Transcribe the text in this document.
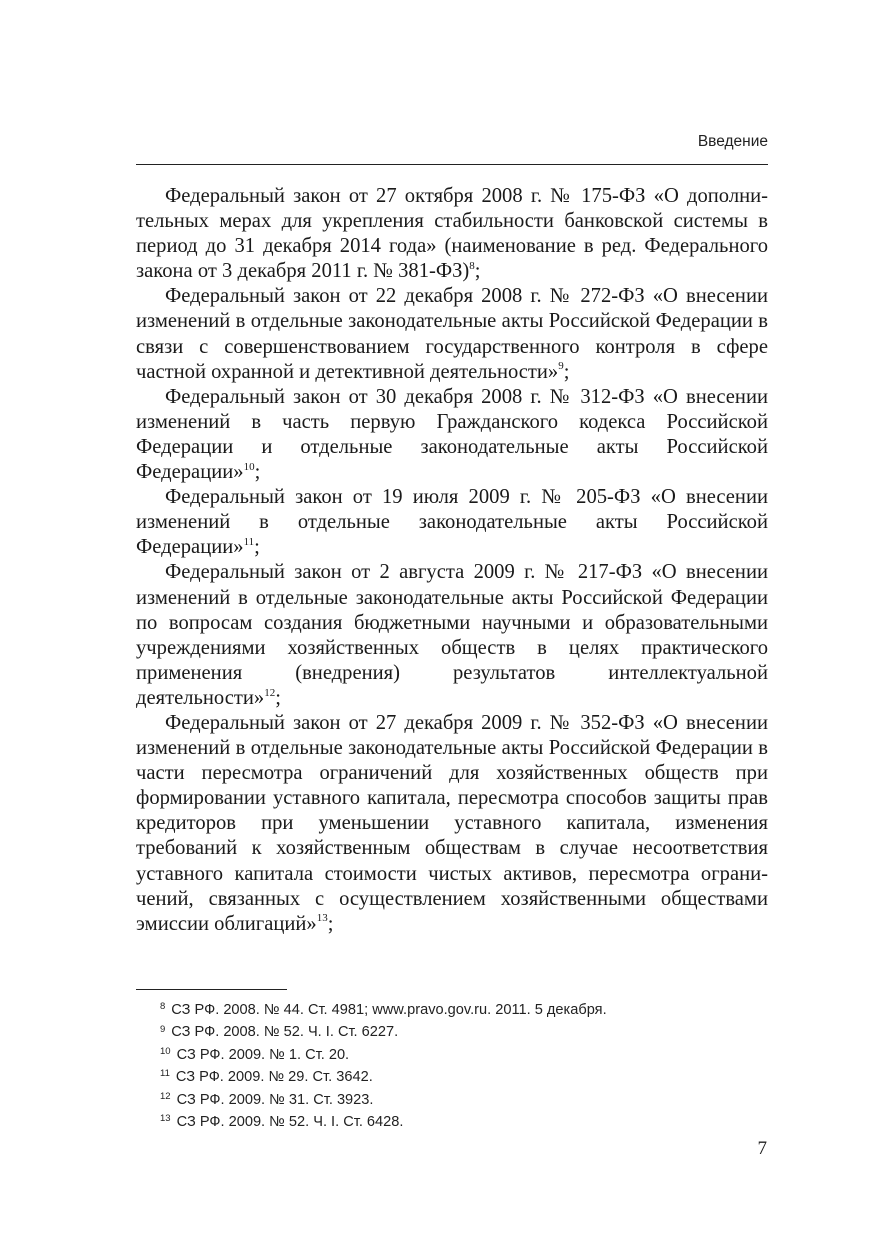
Введение

Федеральный закон от 27 октября 2008 г. № 175-ФЗ «О дополнительных мерах для укрепления стабильности банковской системы в период до 31 декабря 2014 года» (наименование в ред. Федерального закона от 3 декабря 2011 г. № 381-ФЗ)$^8$;

Федеральный закон от 22 декабря 2008 г. № 272-ФЗ «О внесении изменений в отдельные законодательные акты Российской Федерации в связи с совершенствованием государственного контроля в сфере частной охранной и детективной деятельности»$^9$;

Федеральный закон от 30 декабря 2008 г. № 312-ФЗ «О внесении изменений в часть первую Гражданского кодекса Российской Федерации и отдельные законодательные акты Российской Федерации»$^{10}$;

Федеральный закон от 19 июля 2009 г. № 205-ФЗ «О внесении изменений в отдельные законодательные акты Российской Федерации»$^{11}$;

Федеральный закон от 2 августа 2009 г. № 217-ФЗ «О внесении изменений в отдельные законодательные акты Российской Федерации по вопросам создания бюджетными научными и образовательными учреждениями хозяйственных обществ в целях практического применения (внедрения) результатов интеллектуальной деятельности»$^{12}$;

Федеральный закон от 27 декабря 2009 г. № 352-ФЗ «О внесении изменений в отдельные законодательные акты Российской Федерации в части пересмотра ограничений для хозяйственных обществ при формировании уставного капитала, пересмотра способов защиты прав кредиторов при уменьшении уставного капитала, изменения требований к хозяйственным обществам в случае несоответствия уставного капитала стоимости чистых активов, пересмотра ограничений, связанных с осуществлением хозяйственными обществами эмиссии облигаций»$^{13}$;

$^8$ СЗ РФ. 2008. № 44. Ст. 4981; www.pravo.gov.ru. 2011. 5 декабря.
$^9$ СЗ РФ. 2008. № 52. Ч. I. Ст. 6227.
$^{10}$ СЗ РФ. 2009. № 1. Ст. 20.
$^{11}$ СЗ РФ. 2009. № 29. Ст. 3642.
$^{12}$ СЗ РФ. 2009. № 31. Ст. 3923.
$^{13}$ СЗ РФ. 2009. № 52. Ч. I. Ст. 6428.
7
